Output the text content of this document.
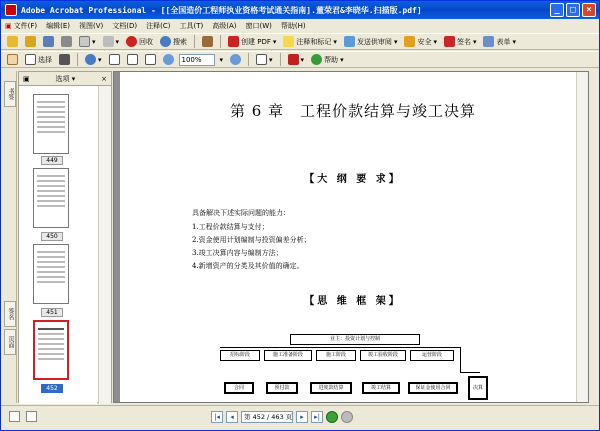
Adobe Acrobat Professional - [[全国造价工程师执业资格考试通关指南].董荣君&李晓华.扫描版.pdf]	_	□	×
▣ 文件(F) 编辑(E) 视图(V) 文档(D) 注释(C) 工具(T) 高级(A) 窗口(W) 帮助(H)
▾	▾	回收	搜索	创建 PDF ▾	注释和标记 ▾	发送供审阅 ▾	安全 ▾	签名 ▾	表单 ▾
选择	▾	100%	▾	▾	▾	帮助 ▾
书签
签名
页面
▣	选项 ▾	×
449
450
451
452
第 6 章　工程价款结算与竣工决算
【大 纲 要 求】
具备解决下述实际问题的能力：
1.工程价款结算与支付；
2.资金使用计划编制与投资偏差分析；
3.竣工决算内容与编制方法；
4.新增资产的分类及其价值的确定。
【思 维 框 架】
业主：投资计划与控制
招标阶段	施工准备阶段	施工阶段	竣工验收阶段	运营阶段
决算
合同	预付款	进度款结算	竣工结算	保证金使用合同
|◂	◂	第 452 / 463 页	▸	▸|
